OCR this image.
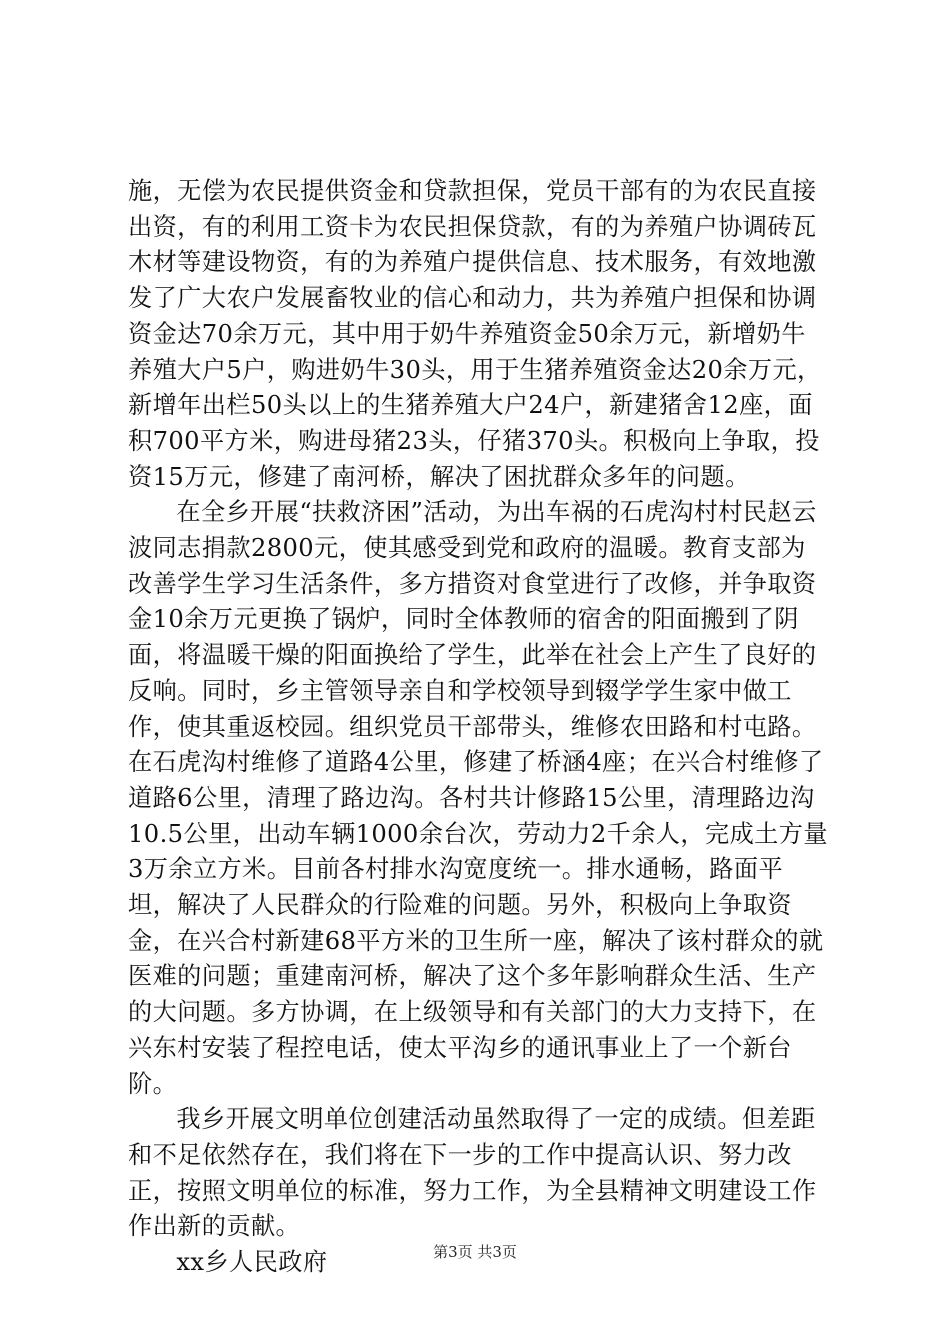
施，无偿为农民提供资金和贷款担保，党员干部有的为农民直接出资，有的利用工资卡为农民担保贷款，有的为养殖户协调砖瓦木材等建设物资，有的为养殖户提供信息、技术服务，有效地激发了广大农户发展畜牧业的信心和动力，共为养殖户担保和协调资金达70余万元，其中用于奶牛养殖资金50余万元，新增奶牛养殖大户5户，购进奶牛30头，用于生猪养殖资金达20余万元，新增年出栏50头以上的生猪养殖大户24户，新建猪舍12座，面积700平方米，购进母猪23头，仔猪370头。积极向上争取，投资15万元，修建了南河桥，解决了困扰群众多年的问题。

在全乡开展“扶救济困”活动，为出车祸的石虎沟村村民赵云波同志捐款2800元，使其感受到党和政府的温暖。教育支部为改善学生学习生活条件，多方措资对食堂进行了改修，并争取资金10余万元更换了锅炉，同时全体教师的宿舍的阳面搬到了阴面，将温暖干燥的阳面换给了学生，此举在社会上产生了良好的反响。同时，乡主管领导亲自和学校领导到辍学学生家中做工作，使其重返校园。组织党员干部带头，维修农田路和村屯路。在石虎沟村维修了道路4公里，修建了桥涵4座；在兴合村维修了道路6公里，清理了路边沟。各村共计修路15公里，清理路边沟10.5公里，出动车辆1000余台次，劳动力2千余人，完成土方量3万余立方米。目前各村排水沟宽度统一。排水通畅，路面平坦，解决了人民群众的行险难的问题。另外，积极向上争取资金，在兴合村新建68平方米的卫生所一座，解决了该村群众的就医难的问题；重建南河桥，解决了这个多年影响群众生活、生产的大问题。多方协调，在上级领导和有关部门的大力支持下，在兴东村安装了程控电话，使太平沟乡的通讯事业上了一个新台阶。

我乡开展文明单位创建活动虽然取得了一定的成绩。但差距和不足依然存在，我们将在下一步的工作中提高认识、努力改正，按照文明单位的标准，努力工作，为全县精神文明建设工作作出新的贡献。

xx乡人民政府	第3页 共3页
